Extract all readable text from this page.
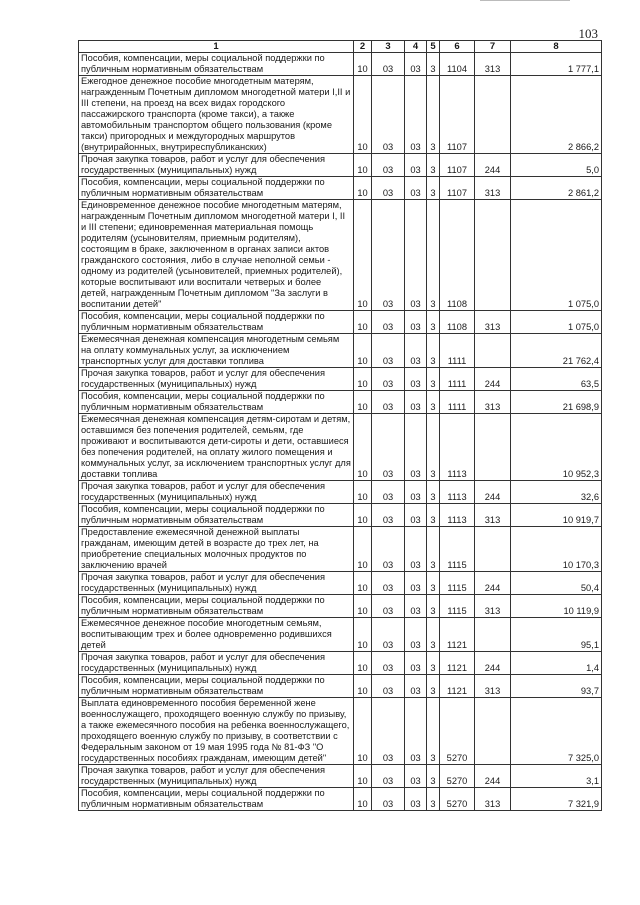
103
1	2	3	4	5	6	7	8
Пособия, компенсации, меры социальной поддержки по публичным нормативным обязательствам	10	03	03	3	1104	313	1 777,1
Ежегодное денежное пособие многодетным матерям, награжденным Почетным дипломом многодетной матери I,II и III степени, на проезд на всех видах городского пассажирского транспорта (кроме такси), а также автомобильным транспортом общего пользования (кроме такси) пригородных и междугородных маршрутов (внутрирайонных, внутриреспубликанских)	10	03	03	3	1107		2 866,2
Прочая закупка товаров, работ и услуг для обеспечения государственных (муниципальных) нужд	10	03	03	3	1107	244	5,0
Пособия, компенсации, меры социальной поддержки по публичным нормативным обязательствам	10	03	03	3	1107	313	2 861,2
Единовременное денежное пособие многодетным матерям, награжденным Почетным дипломом многодетной матери I, II и III степени; единовременная материальная помощь родителям (усыновителям, приемным родителям), состоящим в браке, заключенном в органах записи актов гражданского состояния, либо в случае неполной семьи - одному из родителей (усыновителей, приемных родителей), которые воспитывают или воспитали четверых и более детей, награжденным Почетным дипломом "За заслуги в воспитании детей"	10	03	03	3	1108		1 075,0
Пособия, компенсации, меры социальной поддержки по публичным нормативным обязательствам	10	03	03	3	1108	313	1 075,0
Ежемесячная денежная компенсация многодетным семьям на оплату коммунальных услуг, за исключением транспортных услуг для доставки топлива	10	03	03	3	1111		21 762,4
Прочая закупка товаров, работ и услуг для обеспечения государственных (муниципальных) нужд	10	03	03	3	1111	244	63,5
Пособия, компенсации, меры социальной поддержки по публичным нормативным обязательствам	10	03	03	3	1111	313	21 698,9
Ежемесячная денежная компенсация детям-сиротам и детям, оставшимся без попечения родителей, семьям, где проживают и воспитываются дети-сироты и дети, оставшиеся без попечения родителей, на оплату жилого помещения и коммунальных услуг, за исключением транспортных услуг для доставки топлива	10	03	03	3	1113		10 952,3
Прочая закупка товаров, работ и услуг для обеспечения государственных (муниципальных) нужд	10	03	03	3	1113	244	32,6
Пособия, компенсации, меры социальной поддержки по публичным нормативным обязательствам	10	03	03	3	1113	313	10 919,7
Предоставление ежемесячной денежной выплаты гражданам, имеющим детей в возрасте до трех лет, на приобретение специальных молочных продуктов по заключению врачей	10	03	03	3	1115		10 170,3
Прочая закупка товаров, работ и услуг для обеспечения государственных (муниципальных) нужд	10	03	03	3	1115	244	50,4
Пособия, компенсации, меры социальной поддержки по публичным нормативным обязательствам	10	03	03	3	1115	313	10 119,9
Ежемесячное денежное пособие многодетным семьям, воспитывающим трех и более одновременно родившихся детей	10	03	03	3	1121		95,1
Прочая закупка товаров, работ и услуг для обеспечения государственных (муниципальных) нужд	10	03	03	3	1121	244	1,4
Пособия, компенсации, меры социальной поддержки по публичным нормативным обязательствам	10	03	03	3	1121	313	93,7
Выплата единовременного пособия беременной жене военнослужащего, проходящего военную службу по призыву, а также ежемесячного пособия на ребенка военнослужащего, проходящего военную службу по призыву, в соответствии с Федеральным законом от 19 мая 1995 года № 81-ФЗ "О государственных пособиях гражданам, имеющим детей"	10	03	03	3	5270		7 325,0
Прочая закупка товаров, работ и услуг для обеспечения государственных (муниципальных) нужд	10	03	03	3	5270	244	3,1
Пособия, компенсации, меры социальной поддержки по публичным нормативным обязательствам	10	03	03	3	5270	313	7 321,9
